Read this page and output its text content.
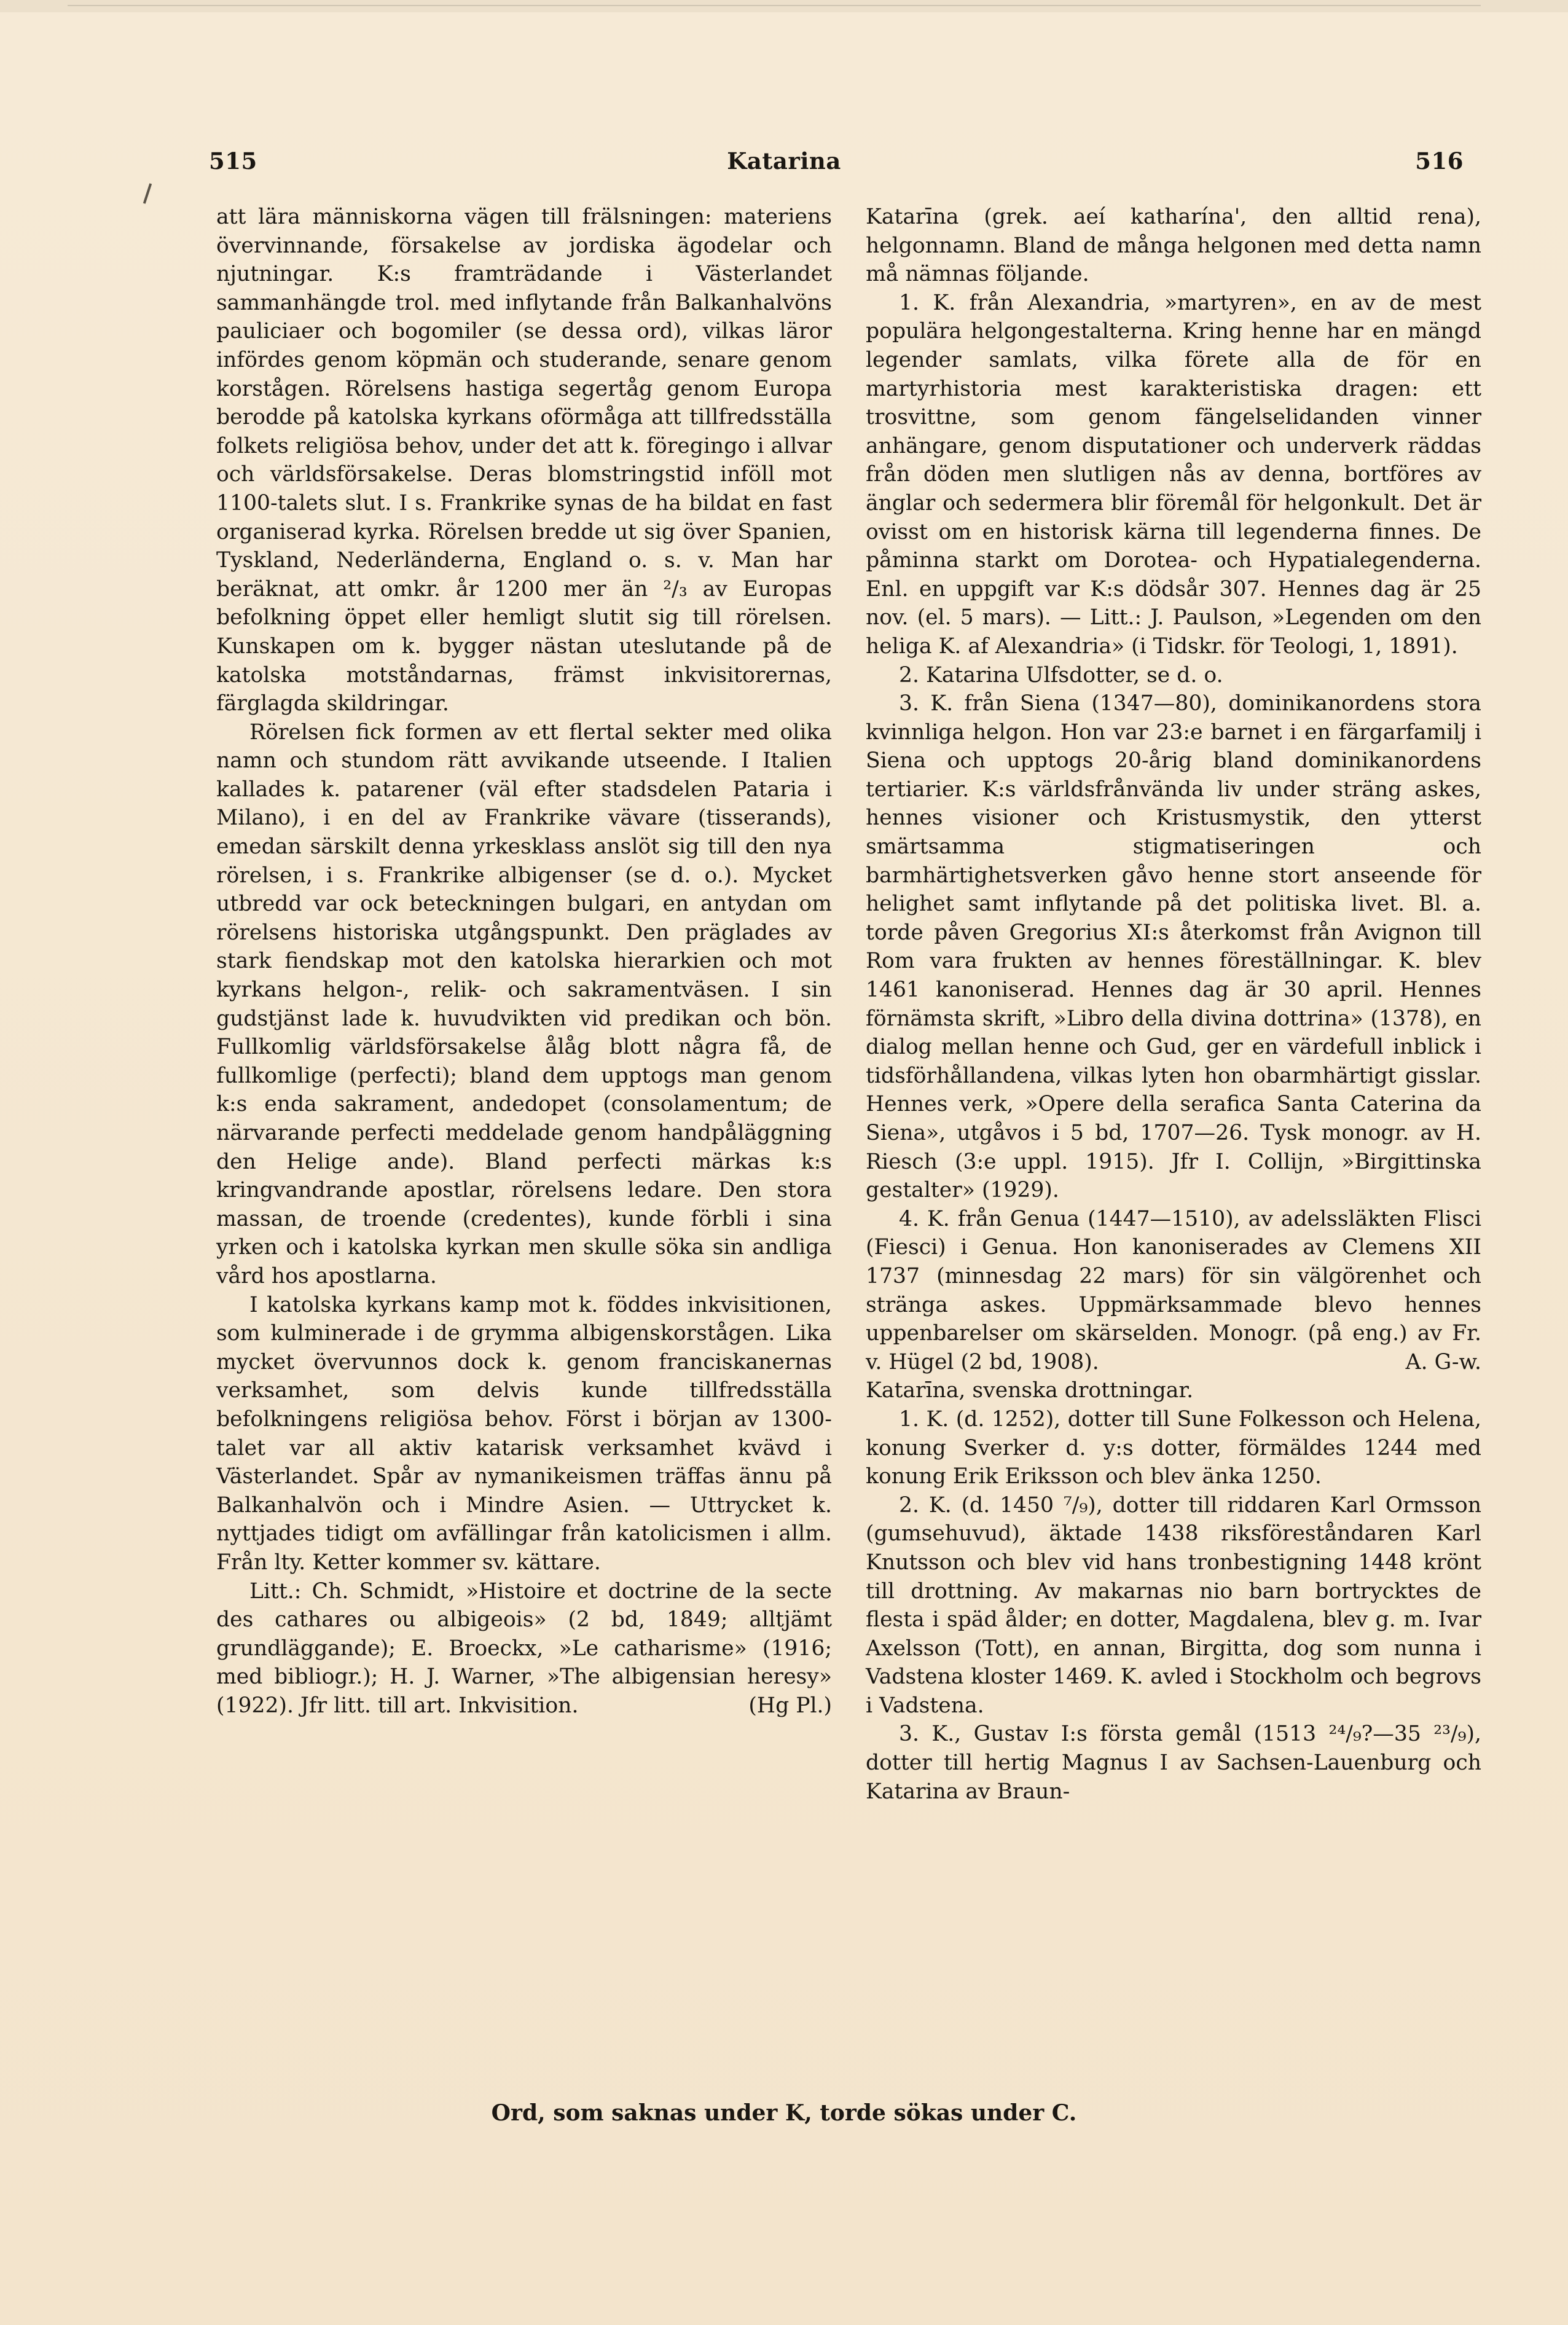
515	Katarina	516

att lära människorna vägen till frälsningen: materiens övervinnande, försakelse av jordiska ägodelar och njutningar. K:s framträdande i Västerlandet sammanhängde trol. med inflytande från Balkanhalvöns pauliciaer och bogomiler (se dessa ord), vilkas läror infördes genom köpmän och studerande, senare genom korstågen. Rörelsens hastiga segertåg genom Europa berodde på katolska kyrkans oförmåga att tillfredsställa folkets religiösa behov, under det att k. föregingo i allvar och världsförsakelse. Deras blomstringstid inföll mot 1100-talets slut. I s. Frankrike synas de ha bildat en fast organiserad kyrka. Rörelsen bredde ut sig över Spanien, Tyskland, Nederländerna, England o. s. v. Man har beräknat, att omkr. år 1200 mer än ²/₃ av Europas befolkning öppet eller hemligt slutit sig till rörelsen. Kunskapen om k. bygger nästan uteslutande på de katolska motståndarnas, främst inkvisitorernas, färglagda skildringar.

Rörelsen fick formen av ett flertal sekter med olika namn och stundom rätt avvikande utseende. I Italien kallades k. patarener (väl efter stadsdelen Pataria i Milano), i en del av Frankrike vävare (tisserands), emedan särskilt denna yrkesklass anslöt sig till den nya rörelsen, i s. Frankrike albigenser (se d. o.). Mycket utbredd var ock beteckningen bulgari, en antydan om rörelsens historiska utgångspunkt. Den präglades av stark fiendskap mot den katolska hierarkien och mot kyrkans helgon-, relik- och sakramentväsen. I sin gudstjänst lade k. huvudvikten vid predikan och bön. Fullkomlig världsförsakelse ålåg blott några få, de fullkomlige (perfecti); bland dem upptogs man genom k:s enda sakrament, andedopet (consolamentum; de närvarande perfecti meddelade genom handpåläggning den Helige ande). Bland perfecti märkas k:s kringvandrande apostlar, rörelsens ledare. Den stora massan, de troende (credentes), kunde förbli i sina yrken och i katolska kyrkan men skulle söka sin andliga vård hos apostlarna.

I katolska kyrkans kamp mot k. föddes inkvisitionen, som kulminerade i de grymma albigenskorstågen. Lika mycket övervunnos dock k. genom franciskanernas verksamhet, som delvis kunde tillfredsställa befolkningens religiösa behov. Först i början av 1300-talet var all aktiv katarisk verksamhet kvävd i Västerlandet. Spår av nymanikeismen träffas ännu på Balkanhalvön och i Mindre Asien. — Uttrycket k. nyttjades tidigt om avfällingar från katolicismen i allm. Från lty. Ketter kommer sv. kättare.

Litt.: Ch. Schmidt, »Histoire et doctrine de la secte des cathares ou albigeois» (2 bd, 1849; alltjämt grundläggande); E. Broeckx, »Le catharisme» (1916; med bibliogr.); H. J. Warner, »The albigensian heresy» (1922). Jfr litt. till art. Inkvisition.	(Hg Pl.)

Katarīna (grek. aeí katharína', den alltid rena), helgonnamn. Bland de många helgonen med detta namn må nämnas följande.

1. K. från Alexandria, »martyren», en av de mest populära helgongestalterna. Kring henne har en mängd legender samlats, vilka förete alla de för en martyrhistoria mest karakteristiska dragen: ett trosvittne, som genom fängelselidanden vinner anhängare, genom disputationer och underverk räddas från döden men slutligen nås av denna, bortföres av änglar och sedermera blir föremål för helgonkult. Det är ovisst om en historisk kärna till legenderna finnes. De påminna starkt om Dorotea- och Hypatialegenderna. Enl. en uppgift var K:s dödsår 307. Hennes dag är 25 nov. (el. 5 mars). — Litt.: J. Paulson, »Legenden om den heliga K. af Alexandria» (i Tidskr. för Teologi, 1, 1891).

2. Katarina Ulfsdotter, se d. o.

3. K. från Siena (1347—80), dominikanordens stora kvinnliga helgon. Hon var 23:e barnet i en färgarfamilj i Siena och upptogs 20-årig bland dominikanordens tertiarier. K:s världsfrånvända liv under sträng askes, hennes visioner och Kristusmystik, den ytterst smärtsamma stigmatiseringen och barmhärtighetsverken gåvo henne stort anseende för helighet samt inflytande på det politiska livet. Bl. a. torde påven Gregorius XI:s återkomst från Avignon till Rom vara frukten av hennes föreställningar. K. blev 1461 kanoniserad. Hennes dag är 30 april. Hennes förnämsta skrift, »Libro della divina dottrina» (1378), en dialog mellan henne och Gud, ger en värdefull inblick i tidsförhållandena, vilkas lyten hon obarmhärtigt gisslar. Hennes verk, »Opere della serafica Santa Caterina da Siena», utgåvos i 5 bd, 1707—26. Tysk monogr. av H. Riesch (3:e uppl. 1915). Jfr I. Collijn, »Birgittinska gestalter» (1929).

4. K. från Genua (1447—1510), av adelssläkten Flisci (Fiesci) i Genua. Hon kanoniserades av Clemens XII 1737 (minnesdag 22 mars) för sin välgörenhet och stränga askes. Uppmärksammade blevo hennes uppenbarelser om skärselden. Monogr. (på eng.) av Fr. v. Hügel (2 bd, 1908).	A. G-w.

Katarīna, svenska drottningar.

1. K. (d. 1252), dotter till Sune Folkesson och Helena, konung Sverker d. y:s dotter, förmäldes 1244 med konung Erik Eriksson och blev änka 1250.

2. K. (d. 1450 ⁷/₉), dotter till riddaren Karl Ormsson (gumsehuvud), äktade 1438 riksföreståndaren Karl Knutsson och blev vid hans tronbestigning 1448 krönt till drottning. Av makarnas nio barn bortrycktes de flesta i späd ålder; en dotter, Magdalena, blev g. m. Ivar Axelsson (Tott), en annan, Birgitta, dog som nunna i Vadstena kloster 1469. K. avled i Stockholm och begrovs i Vadstena.

3. K., Gustav I:s första gemål (1513 ²⁴/₉?—35 ²³/₉), dotter till hertig Magnus I av Sachsen-Lauenburg och Katarina av Braun-

Ord, som saknas under K, torde sökas under C.
